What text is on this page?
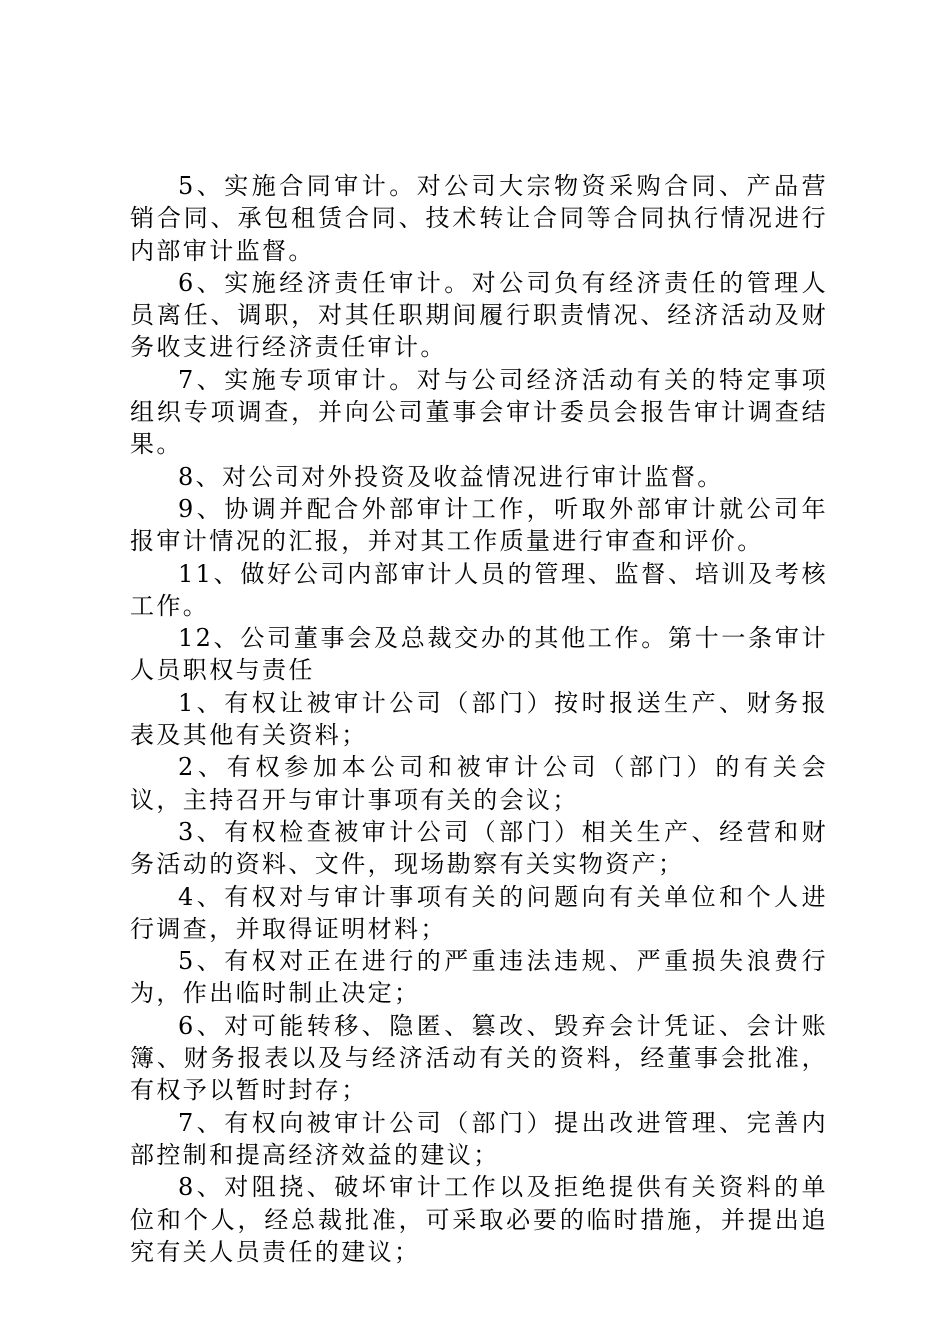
5、实施合同审计。对公司大宗物资采购合同、产品营销合同、承包租赁合同、技术转让合同等合同执行情况进行内部审计监督。

6、实施经济责任审计。对公司负有经济责任的管理人员离任、调职，对其任职期间履行职责情况、经济活动及财务收支进行经济责任审计。

7、实施专项审计。对与公司经济活动有关的特定事项组织专项调查，并向公司董事会审计委员会报告审计调查结果。

8、对公司对外投资及收益情况进行审计监督。

9、协调并配合外部审计工作，听取外部审计就公司年报审计情况的汇报，并对其工作质量进行审查和评价。

11、做好公司内部审计人员的管理、监督、培训及考核工作。

12、公司董事会及总裁交办的其他工作。第十一条审计人员职权与责任

1、有权让被审计公司（部门）按时报送生产、财务报表及其他有关资料；

2、有权参加本公司和被审计公司（部门）的有关会议，主持召开与审计事项有关的会议；

3、有权检查被审计公司（部门）相关生产、经营和财务活动的资料、文件，现场勘察有关实物资产；

4、有权对与审计事项有关的问题向有关单位和个人进行调查，并取得证明材料；

5、有权对正在进行的严重违法违规、严重损失浪费行为，作出临时制止决定；

6、对可能转移、隐匿、篡改、毁弃会计凭证、会计账簿、财务报表以及与经济活动有关的资料，经董事会批准，有权予以暂时封存；

7、有权向被审计公司（部门）提出改进管理、完善内部控制和提高经济效益的建议；

8、对阻挠、破坏审计工作以及拒绝提供有关资料的单位和个人，经总裁批准，可采取必要的临时措施，并提出追究有关人员责任的建议；
